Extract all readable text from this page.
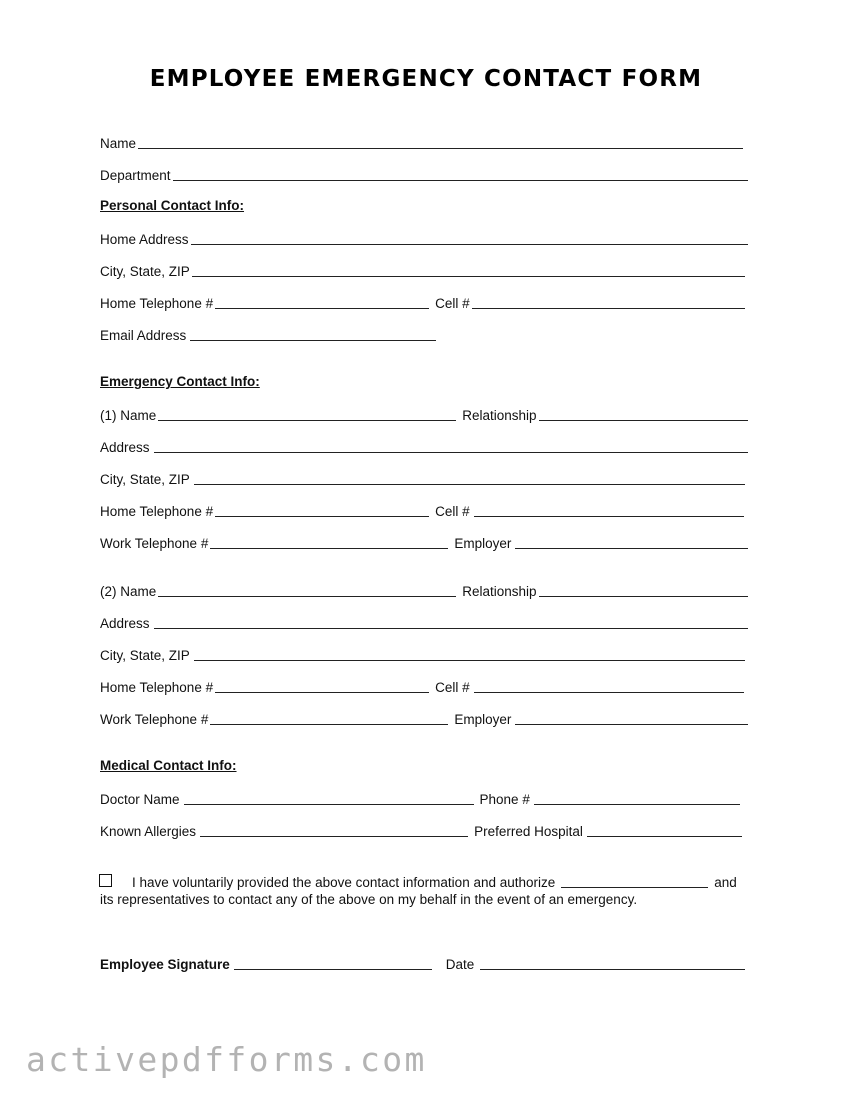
EMPLOYEE EMERGENCY CONTACT FORM
Name
Department
Personal Contact Info:
Home Address
City, State, ZIP
Home Telephone #	Cell #
Email Address
Emergency Contact Info:
(1) Name	Relationship
Address
City, State, ZIP
Home Telephone #	Cell #
Work Telephone #	Employer
(2) Name	Relationship
Address
City, State, ZIP
Home Telephone #	Cell #
Work Telephone #	Employer
Medical Contact Info:
Doctor Name	Phone #
Known Allergies	Preferred Hospital
I have voluntarily provided the above contact information and authorize	and
its representatives to contact any of the above on my behalf in the event of an emergency.
Employee Signature	Date
activepdfforms.com
